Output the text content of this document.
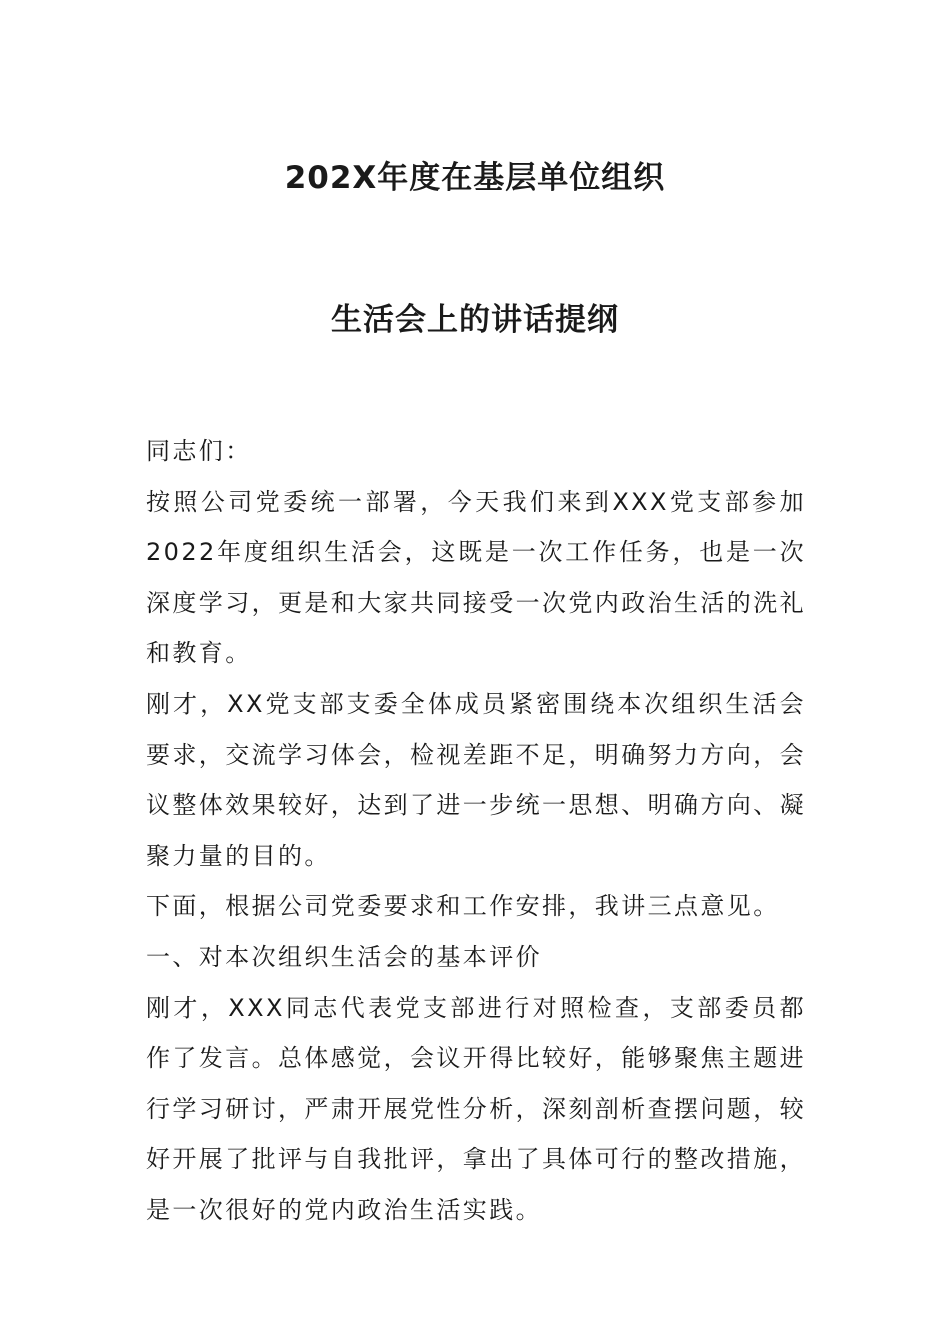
202X年度在基层单位组织
生活会上的讲话提纲

同志们：

按照公司党委统一部署，今天我们来到XXX党支部参加2022年度组织生活会，这既是一次工作任务，也是一次深度学习，更是和大家共同接受一次党内政治生活的洗礼和教育。

刚才，XX党支部支委全体成员紧密围绕本次组织生活会要求，交流学习体会，检视差距不足，明确努力方向，会议整体效果较好，达到了进一步统一思想、明确方向、凝聚力量的目的。

下面，根据公司党委要求和工作安排，我讲三点意见。

一、对本次组织生活会的基本评价

刚才，XXX同志代表党支部进行对照检查，支部委员都作了发言。总体感觉，会议开得比较好，能够聚焦主题进行学习研讨，严肃开展党性分析，深刻剖析查摆问题，较好开展了批评与自我批评，拿出了具体可行的整改措施，是一次很好的党内政治生活实践。
